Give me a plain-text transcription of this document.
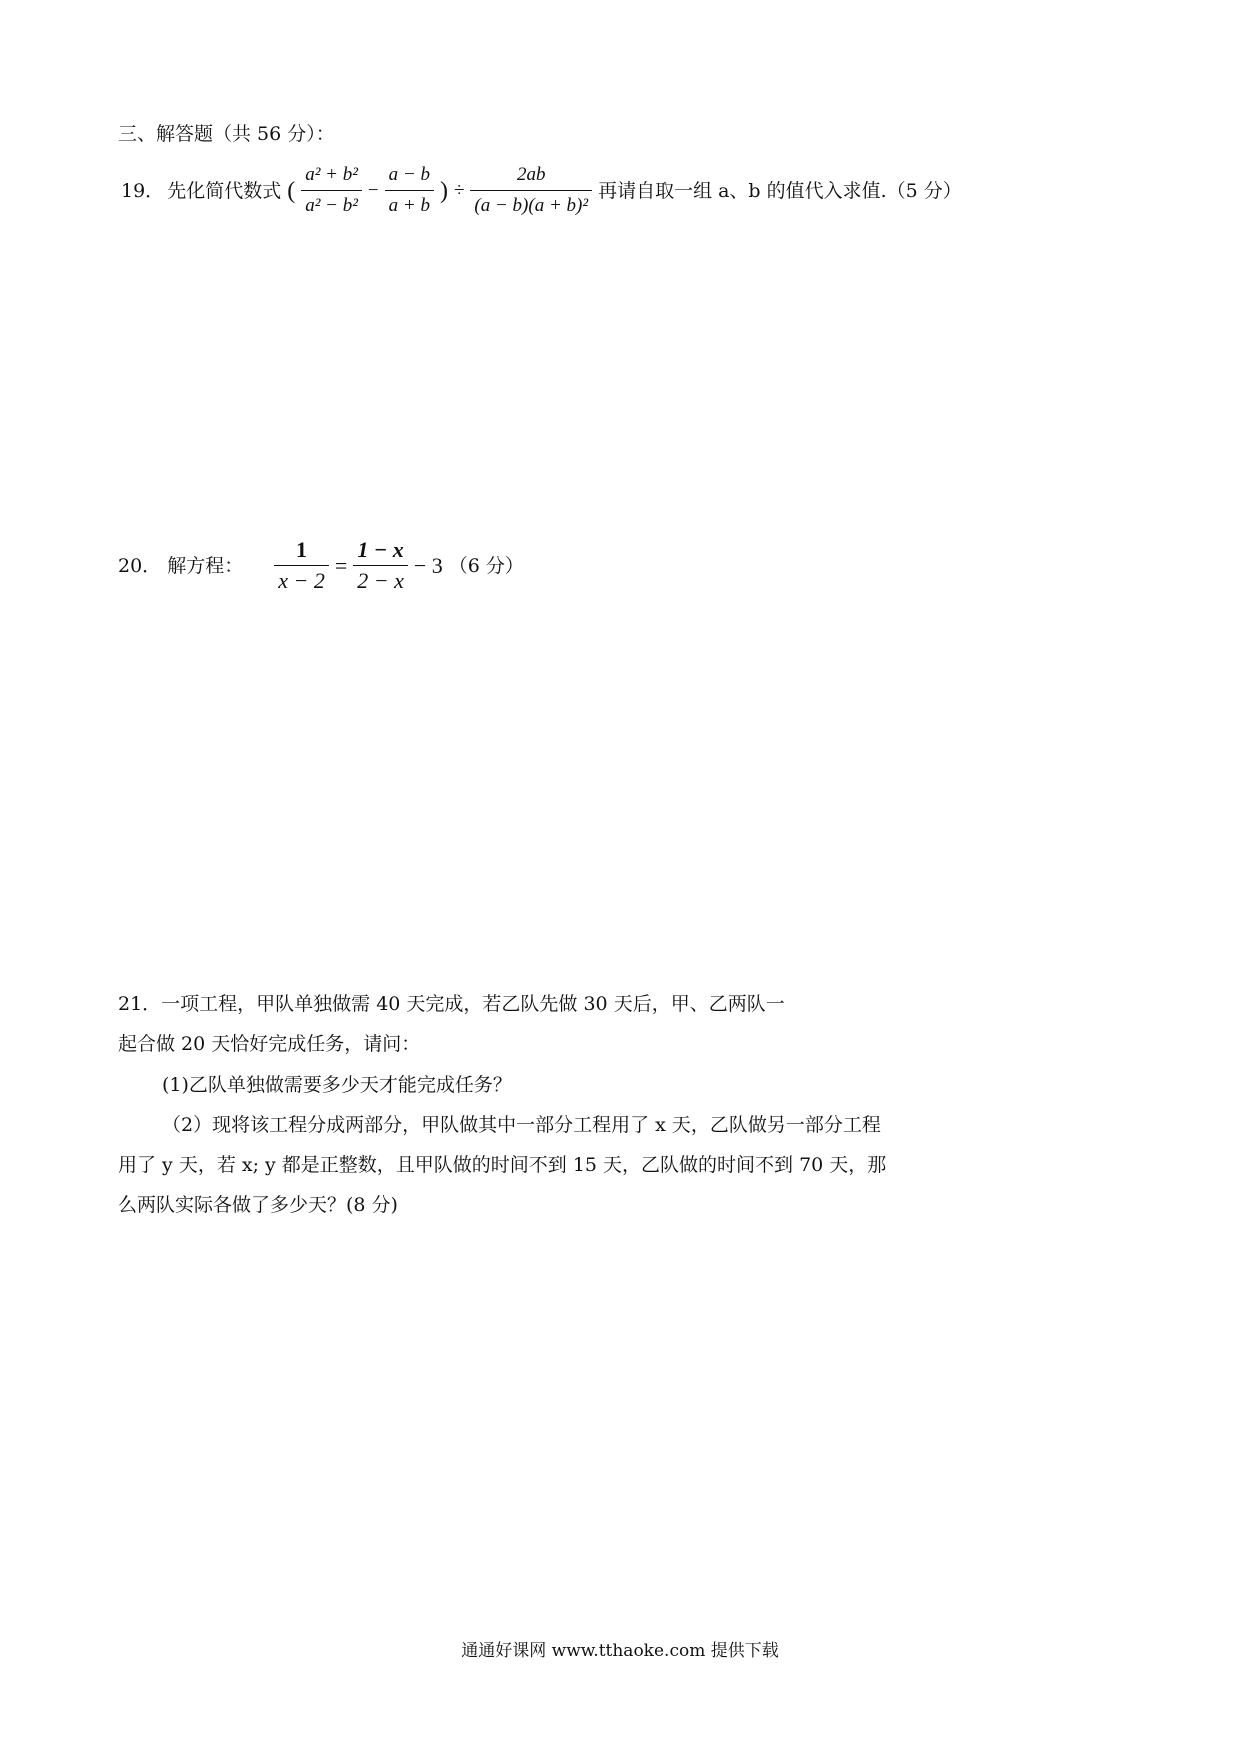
三、解答题（共 56 分）：
19． 先化简代数式 ( $\frac{\text{a² + b²}}{\text{a² − b²}} - \frac{a - b}{a + b}$ ) ÷ $\frac{2ab}{\text{(a − b)(a + b)²}}$ 再请自取一组 a、b 的值代入求值.（5 分）
20． 解方程： $\frac{1}{x - 2} = \frac{1 - x}{2 - x} - 3$ （6 分）
21．一项工程，甲队单独做需 40 天完成，若乙队先做 30 天后，甲、乙两队一
起合做 20 天恰好完成任务，请问：
(1)乙队单独做需要多少天才能完成任务？
（2）现将该工程分成两部分，甲队做其中一部分工程用了 x 天，乙队做另一部分工程
用了 y 天，若 x; y 都是正整数，且甲队做的时间不到 15 天，乙队做的时间不到 70 天，那
么两队实际各做了多少天？(8 分)
通通好课网 www.tthaoke.com 提供下载
